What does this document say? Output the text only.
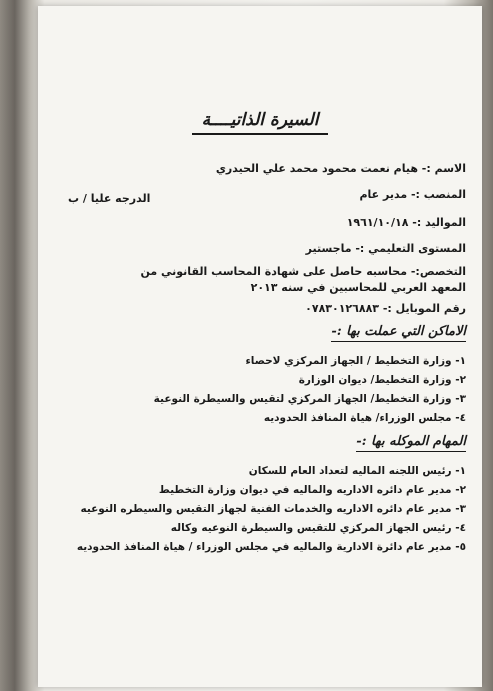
السيرة الذاتيــــة
الاسم :- هيام نعمت محمود محمد علي الحيدري
المنصب :- مدير عام
الدرجه عليا / ب
المواليد :- ١٩٦١/١٠/١٨
المستوى التعليمي :- ماجستير
التخصص:- محاسبه حاصل على شهادة المحاسب القانوني من المعهد العربي للمحاسبين في سنه ٢٠١٣
رقم الموبايل :- ٠٧٨٣٠١٢٦٨٨٣
الاماكن التي عملت بها :-
١- وزارة التخطيط / الجهاز المركزي لاحصاء
٢- وزارة التخطيط/ ديوان الوزارة
٣- وزارة التخطيط/ الجهاز المركزي لتقيس والسيطرة النوعية
٤- مجلس الوزراء/ هياة المنافذ الحدوديه
المهام الموكله بها :-
١- رئيس اللجنه الماليه لتعداد العام للسكان
٢- مدير عام دائره الاداريه والماليه في ديوان وزارة التخطيط
٣- مدير عام دائره الاداريه والخدمات الفنية لجهاز التقيس والسيطره النوعيه
٤- رئيس الجهاز المركزي للتقيس والسيطرة النوعيه وكاله
٥- مدير عام دائرة الادارية والماليه في مجلس الوزراء / هياة المنافذ الحدوديه
